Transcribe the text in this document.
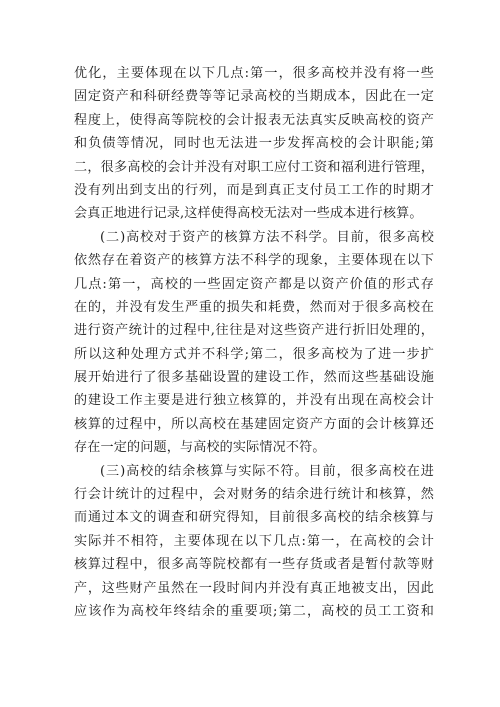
优化，主要体现在以下几点:第一，很多高校并没有将一些
固定资产和科研经费等等记录高校的当期成本，因此在一定
程度上，使得高等院校的会计报表无法真实反映高校的资产
和负债等情况，同时也无法进一步发挥高校的会计职能;第
二，很多高校的会计并没有对职工应付工资和福利进行管理，
没有列出到支出的行列，而是到真正支付员工工作的时期才
会真正地进行记录,这样使得高校无法对一些成本进行核算。
(二)高校对于资产的核算方法不科学。目前，很多高校
依然存在着资产的核算方法不科学的现象，主要体现在以下
几点:第一，高校的一些固定资产都是以资产价值的形式存
在的，并没有发生严重的损失和耗费，然而对于很多高校在
进行资产统计的过程中,往往是对这些资产进行折旧处理的，
所以这种处理方式并不科学;第二，很多高校为了进一步扩
展开始进行了很多基础设置的建设工作，然而这些基础设施
的建设工作主要是进行独立核算的，并没有出现在高校会计
核算的过程中，所以高校在基建固定资产方面的会计核算还
存在一定的问题，与高校的实际情况不符。
(三)高校的结余核算与实际不符。目前，很多高校在进
行会计统计的过程中，会对财务的结余进行统计和核算，然
而通过本文的调查和研究得知，目前很多高校的结余核算与
实际并不相符，主要体现在以下几点:第一，在高校的会计
核算过程中，很多高等院校都有一些存货或者是暂付款等财
产，这些财产虽然在一段时间内并没有真正地被支出，因此
应该作为高校年终结余的重要项;第二，高校的员工工资和
